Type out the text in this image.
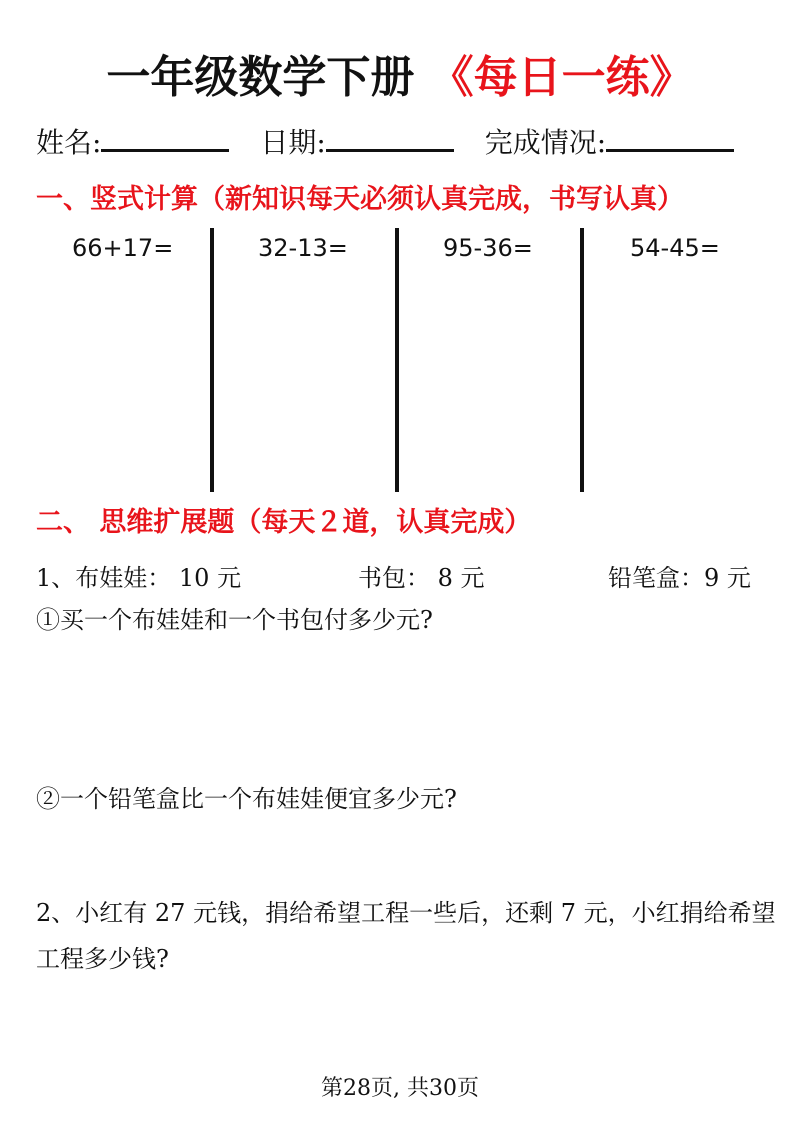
一年级数学下册 《每日一练》
姓名:	日期:	完成情况:
一、竖式计算（新知识每天必须认真完成，书写认真）
66+17=	32-13=	95-36=	54-45=
二、 思维扩展题（每天２道，认真完成）
1、布娃娃： 10 元	书包： 8 元	铅笔盒：9 元
①买一个布娃娃和一个书包付多少元?
②一个铅笔盒比一个布娃娃便宜多少元?
2、小红有 27 元钱，捐给希望工程一些后，还剩 7 元，小红捐给希望工程多少钱?
第28页, 共30页
